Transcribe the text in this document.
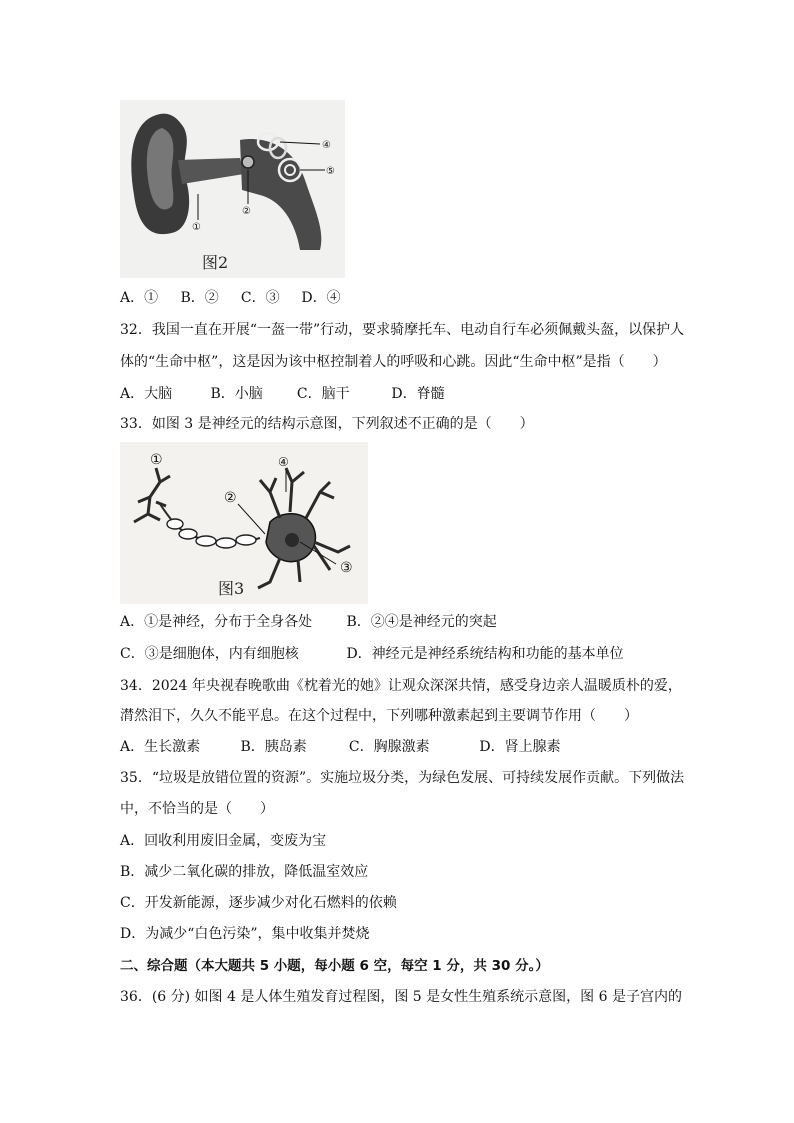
①
②
④
⑤
图2
A．① B．② C．③ D．④
32．我国一直在开展“一盔一带”行动，要求骑摩托车、电动自行车必须佩戴头盔，以保护人
体的“生命中枢”，这是因为该中枢控制着人的呼吸和心跳。因此“生命中枢”是指（　　）
A．大脑	B．小脑 C．脑干	D．脊髓
33．如图 3 是神经元的结构示意图，下列叙述不正确的是（　　）
①
②
③
④
图3
A．①是神经，分布于全身各处 B．②④是神经元的突起
C．③是细胞体，内有细胞核	D．神经元是神经系统结构和功能的基本单位
34．2024 年央视春晚歌曲《枕着光的她》让观众深深共情，感受身边亲人温暖质朴的爱，
潸然泪下，久久不能平息。在这个过程中，下列哪种激素起到主要调节作用（　　）
A．生长激素	B．胰岛素	C．胸腺激素	D．肾上腺素
35．“垃圾是放错位置的资源”。实施垃圾分类，为绿色发展、可持续发展作贡献。下列做法
中，不恰当的是（　　）
A．回收利用废旧金属，变废为宝
B．减少二氧化碳的排放，降低温室效应
C．开发新能源，逐步减少对化石燃料的依赖
D．为减少“白色污染”，集中收集并焚烧
二、综合题（本大题共 5 小题，每小题 6 空，每空 1 分，共 30 分。）
36．(6 分) 如图 4 是人体生殖发育过程图，图 5 是女性生殖系统示意图，图 6 是子宫内的
